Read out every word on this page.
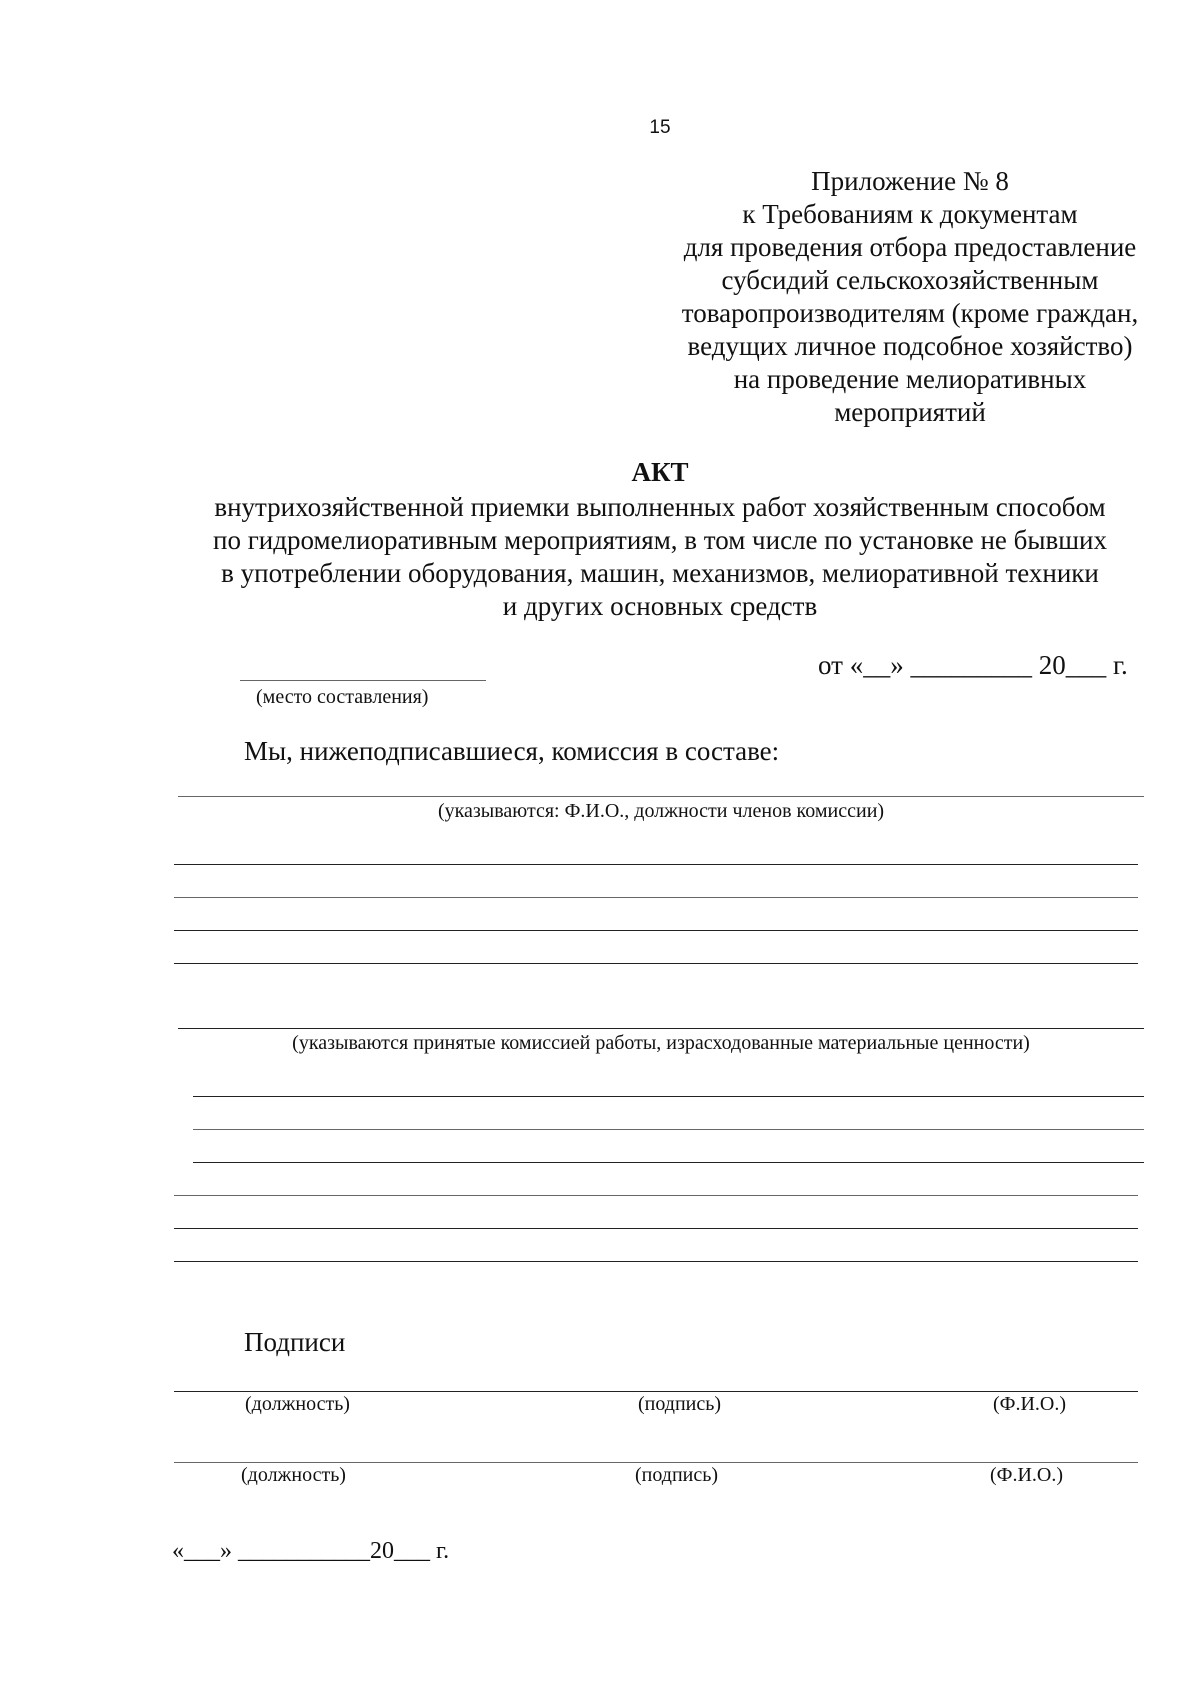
15
Приложение № 8
к Требованиям к документам
для проведения отбора предоставление
субсидий сельскохозяйственным
товаропроизводителям (кроме граждан,
ведущих личное подсобное хозяйство)
на проведение мелиоративных
мероприятий
АКТ
внутрихозяйственной приемки выполненных работ хозяйственным способом
по гидромелиоративным мероприятиям, в том числе по установке не бывших
в употреблении оборудования, машин, механизмов, мелиоративной техники
и других основных средств
(место составления)
от «__» _________ 20___ г.
Мы, нижеподписавшиеся, комиссия в составе:
(указываются: Ф.И.О., должности членов комиссии)
(указываются принятые комиссией работы, израсходованные материальные ценности)
Подписи
(должность)	(подпись)	(Ф.И.О.)
(должность)	(подпись)	(Ф.И.О.)
«___» ___________20___ г.
